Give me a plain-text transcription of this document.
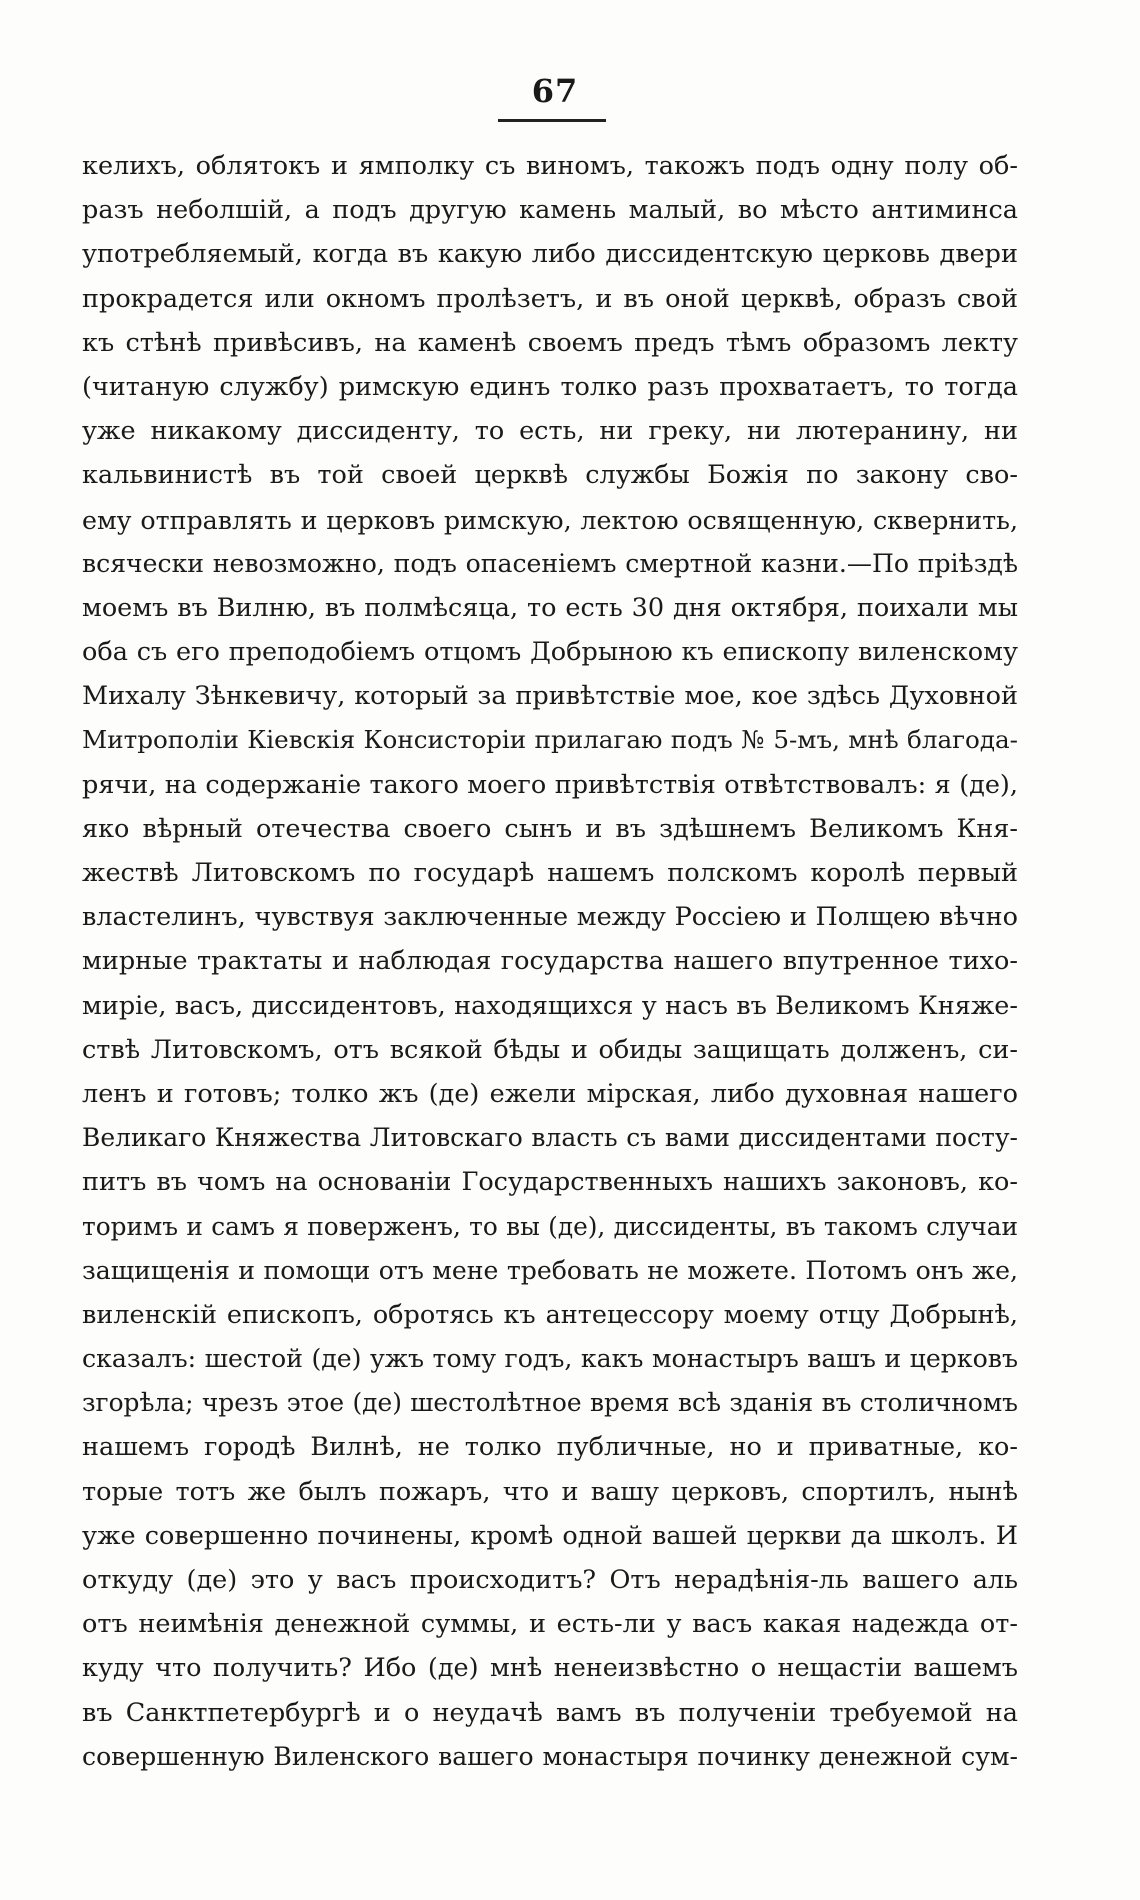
67
келихъ, облятокъ и ямполку съ виномъ, такожъ подъ одну полу об-
разъ неболшій, а подъ другую камень малый, во мѣсто антиминса
употребляемый, когда въ какую либо диссидентскую церковь двери
прокрадется или окномъ пролѣзетъ, и въ оной церквѣ, образъ свой
къ стѣнѣ привѣсивъ, на каменѣ своемъ предъ тѣмъ образомъ лекту
(читаную службу) римскую единъ толко разъ прохватаетъ, то тогда
уже никакому диссиденту, то есть, ни греку, ни лютеранину, ни
кальвинистѣ въ той своей церквѣ службы Божія по закону сво-
ему отправлять и церковъ римскую, лектою освященную, сквернить,
всячески невозможно, подъ опасеніемъ смертной казни.—По пріѣздѣ
моемъ въ Вилню, въ полмѣсяца, то есть 30 дня октября, поихали мы
оба съ его преподобіемъ отцомъ Добрыною къ епископу виленскому
Михалу Зѣнкевичу, который за привѣтствіе мое, кое здѣсь Духовной
Митрополіи Кіевскія Консисторіи прилагаю подъ № 5-мъ, мнѣ благода-
рячи, на содержаніе такого моего привѣтствія отвѣтствовалъ: я (де),
яко вѣрный отечества своего сынъ и въ здѣшнемъ Великомъ Кня-
жествѣ Литовскомъ по государѣ нашемъ полскомъ королѣ первый
властелинъ, чувствуя заключенные между Россіею и Полщею вѣчно
мирные трактаты и наблюдая государства нашего впутренное тихо-
миріе, васъ, диссидентовъ, находящихся у насъ въ Великомъ Княже-
ствѣ Литовскомъ, отъ всякой бѣды и обиды защищать долженъ, си-
ленъ и готовъ; толко жъ (де) ежели мірская, либо духовная нашего
Великаго Княжества Литовскаго власть съ вами диссидентами посту-
питъ въ чомъ на основаніи Государственныхъ нашихъ законовъ, ко-
торимъ и самъ я поверженъ, то вы (де), диссиденты, въ такомъ случаи
защищенія и помощи отъ мене требовать не можете. Потомъ онъ же,
виленскій епископъ, обротясь къ антецессору моему отцу Добрынѣ,
сказалъ: шестой (де) ужъ тому годъ, какъ монастыръ вашъ и церковъ
згорѣла; чрезъ этое (де) шестолѣтное время всѣ зданія въ столичномъ
нашемъ городѣ Вилнѣ, не толко публичные, но и приватные, ко-
торые тотъ же былъ пожаръ, что и вашу церковъ, спортилъ, нынѣ
уже совершенно починены, кромѣ одной вашей церкви да школъ. И
откуду (де) это у васъ происходитъ? Отъ нерадѣнія-ль вашего аль
отъ неимѣнія денежной суммы, и есть-ли у васъ какая надежда от-
куду что получить? Ибо (де) мнѣ ненеизвѣстно о нещастіи вашемъ
въ Санктпетербургѣ и о неудачѣ вамъ въ полученіи требуемой на
совершенную Виленского вашего монастыря починку денежной сум-
